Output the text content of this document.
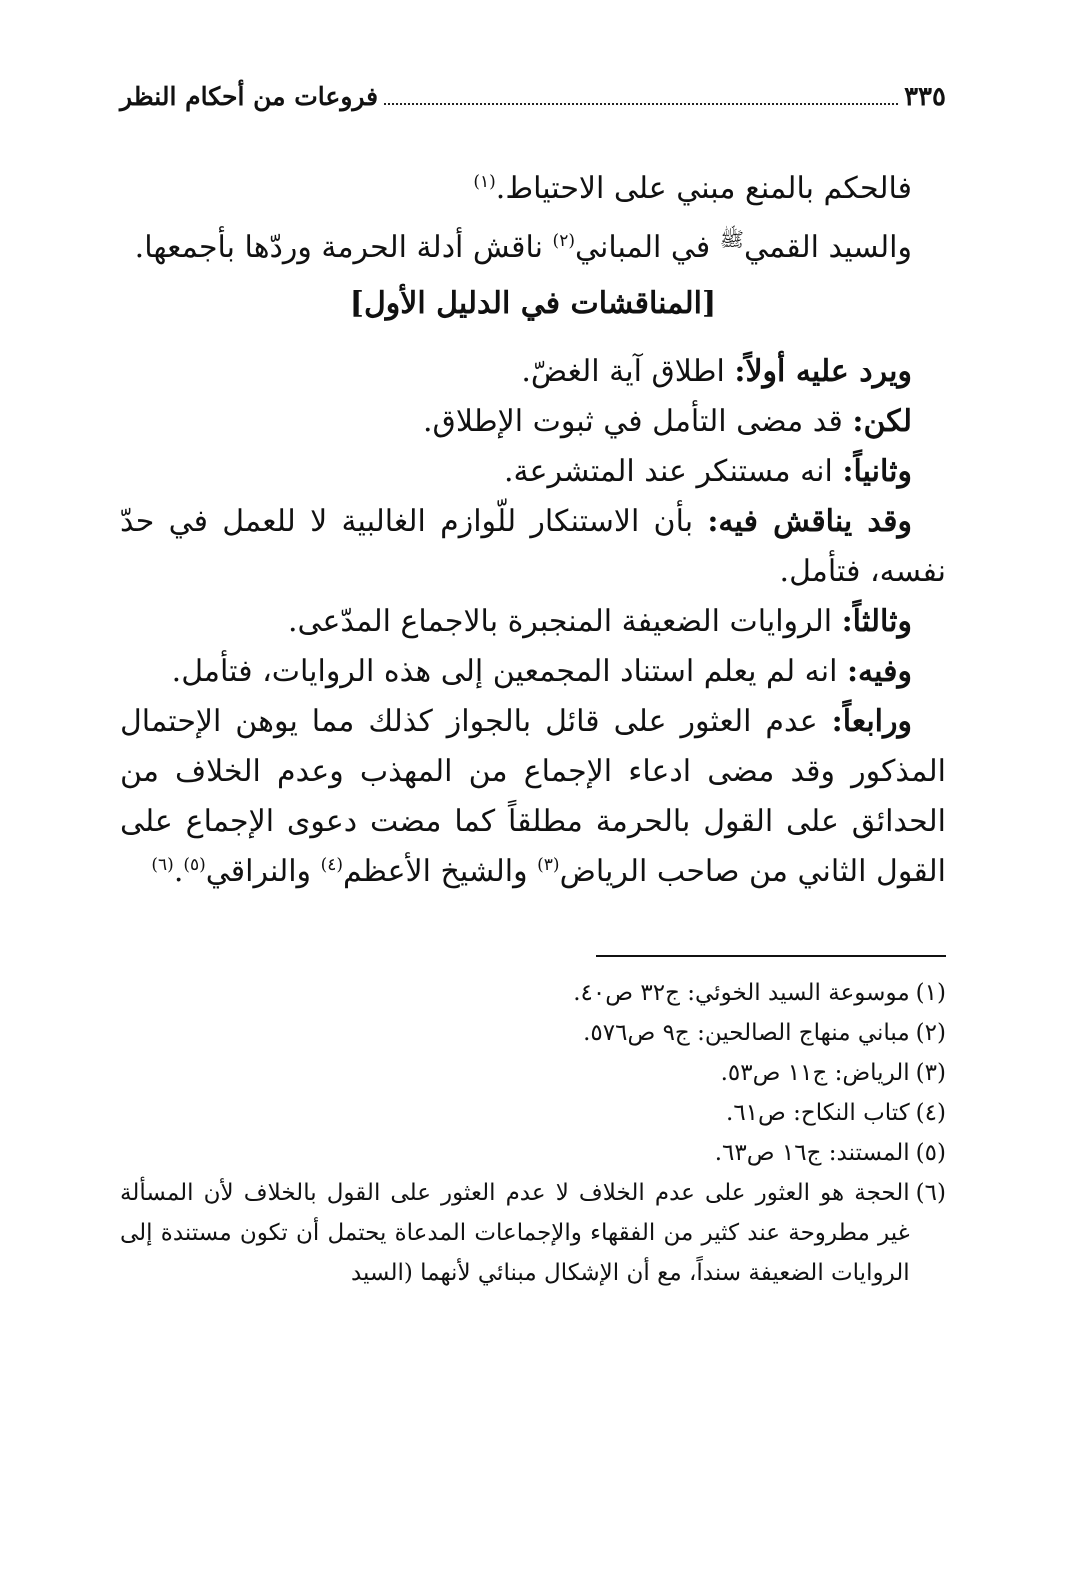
٣٣٥
فروعات من أحكام النظر

فالحكم بالمنع مبني على الاحتياط.$^{(١)}$

والسيد القمي$^ﷺ$ في المباني$^{(٢)}$ ناقش أدلة الحرمة وردّها بأجمعها.

[المناقشات في الدليل الأول]

ويرد عليه أولاً: اطلاق آية الغضّ.

لكن: قد مضى التأمل في ثبوت الإطلاق.

وثانياً: انه مستنكر عند المتشرعة.

وقد يناقش فيه: بأن الاستنكار للّوازم الغالبية لا للعمل في حدّ نفسه، فتأمل.

وثالثاً: الروايات الضعيفة المنجبرة بالاجماع المدّعى.

وفيه: انه لم يعلم استناد المجمعين إلى هذه الروايات، فتأمل.

ورابعاً: عدم العثور على قائل بالجواز كذلك مما يوهن الإحتمال المذكور وقد مضى ادعاء الإجماع من المهذب وعدم الخلاف من الحدائق على القول بالحرمة مطلقاً كما مضت دعوى الإجماع على القول الثاني من صاحب الرياض$^{(٣)}$ والشيخ الأعظم$^{(٤)}$ والنراقي$^{(٥)}$.$^{(٦)}$

(١)
موسوعة السيد الخوئي: ج٣٢ ص٤٠.
(٢)
مباني منهاج الصالحين: ج٩ ص٥٧٦.
(٣)
الرياض: ج١١ ص٥٣.
(٤)
كتاب النكاح: ص٦١.
(٥)
المستند: ج١٦ ص٦٣.
(٦)
الحجة هو العثور على عدم الخلاف لا عدم العثور على القول بالخلاف لأن المسألة غير مطروحة عند كثير من الفقهاء والإجماعات المدعاة يحتمل أن تكون مستندة إلى الروايات الضعيفة سنداً، مع أن الإشكال مبنائي لأنهما (السيد
